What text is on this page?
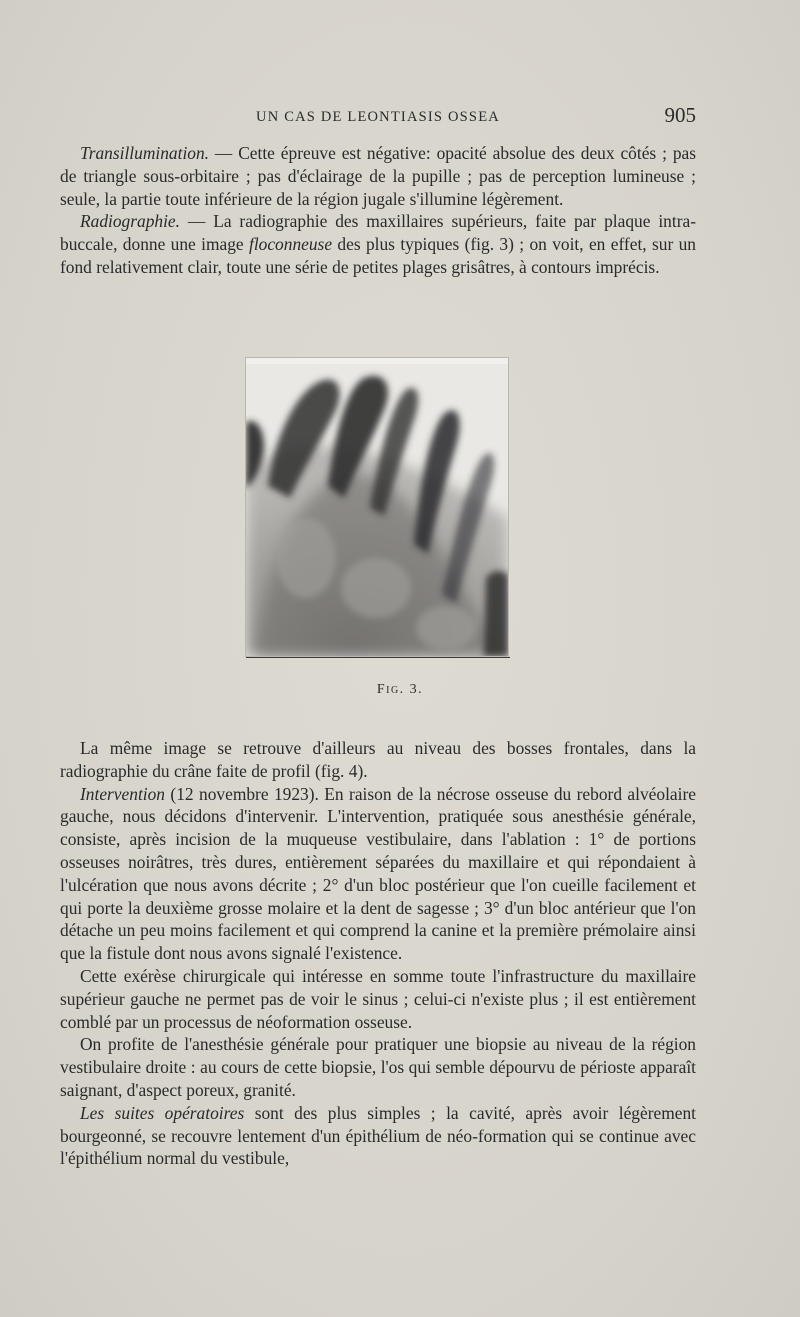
UN CAS DE LEONTIASIS OSSEA	905

Transillumination. — Cette épreuve est négative: opacité absolue des deux côtés ; pas de triangle sous-orbitaire ; pas d'éclairage de la pupille ; pas de perception lumineuse ; seule, la partie toute inférieure de la région jugale s'illumine légèrement.

Radiographie. — La radiographie des maxillaires supérieurs, faite par plaque intra-buccale, donne une image floconneuse des plus typiques (fig. 3) ; on voit, en effet, sur un fond relativement clair, toute une série de petites plages grisâtres, à contours imprécis.

Fig. 3.

La même image se retrouve d'ailleurs au niveau des bosses frontales, dans la radiographie du crâne faite de profil (fig. 4).

Intervention (12 novembre 1923). En raison de la nécrose osseuse du rebord alvéolaire gauche, nous décidons d'intervenir. L'intervention, pratiquée sous anesthésie générale, consiste, après incision de la muqueuse vestibulaire, dans l'ablation : 1° de portions osseuses noirâtres, très dures, entièrement séparées du maxillaire et qui répondaient à l'ulcération que nous avons décrite ; 2° d'un bloc postérieur que l'on cueille facilement et qui porte la deuxième grosse molaire et la dent de sagesse ; 3° d'un bloc antérieur que l'on détache un peu moins facilement et qui comprend la canine et la première prémolaire ainsi que la fistule dont nous avons signalé l'existence.

Cette exérèse chirurgicale qui intéresse en somme toute l'infrastructure du maxillaire supérieur gauche ne permet pas de voir le sinus ; celui-ci n'existe plus ; il est entièrement comblé par un processus de néoformation osseuse.

On profite de l'anesthésie générale pour pratiquer une biopsie au niveau de la région vestibulaire droite : au cours de cette biopsie, l'os qui semble dépourvu de périoste apparaît saignant, d'aspect poreux, granité.

Les suites opératoires sont des plus simples ; la cavité, après avoir légèrement bourgeonné, se recouvre lentement d'un épithélium de néo-formation qui se continue avec l'épithélium normal du vestibule,
